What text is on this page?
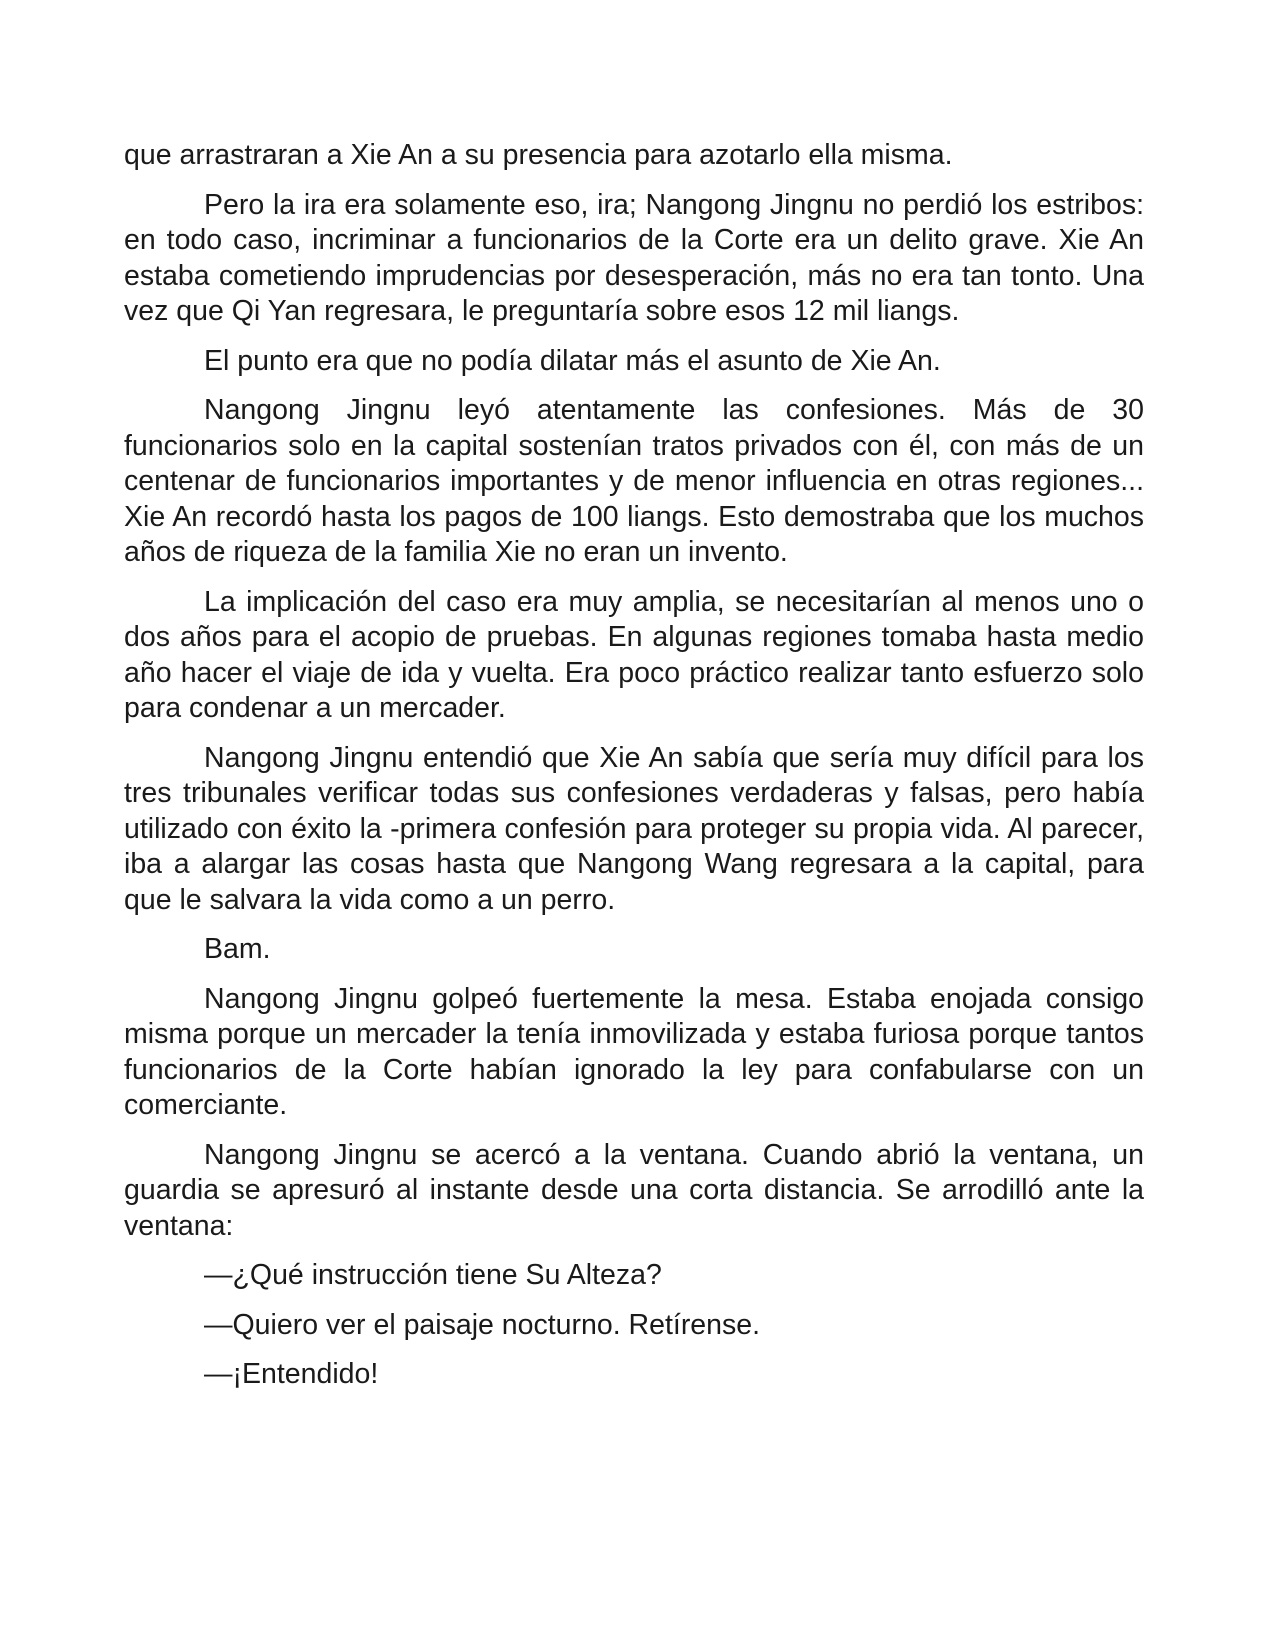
que arrastraran a Xie An a su presencia para azotarlo ella misma.

Pero la ira era solamente eso, ira; Nangong Jingnu no perdió los estribos: en todo caso, incriminar a funcionarios de la Corte era un delito grave. Xie An estaba cometiendo imprudencias por desesperación, más no era tan tonto. Una vez que Qi Yan regresara, le preguntaría sobre esos 12 mil liangs.

El punto era que no podía dilatar más el asunto de Xie An.

Nangong Jingnu leyó atentamente las confesiones. Más de 30 funcionarios solo en la capital sostenían tratos privados con él, con más de un centenar de funcionarios importantes y de menor influencia en otras regiones... Xie An recordó hasta los pagos de 100 liangs. Esto demostraba que los muchos años de riqueza de la familia Xie no eran un invento.

La implicación del caso era muy amplia, se necesitarían al menos uno o dos años para el acopio de pruebas. En algunas regiones tomaba hasta medio año hacer el viaje de ida y vuelta. Era poco práctico realizar tanto esfuerzo solo para condenar a un mercader.

Nangong Jingnu entendió que Xie An sabía que sería muy difícil para los tres tribunales verificar todas sus confesiones verdaderas y falsas, pero había utilizado con éxito la -primera confesión para proteger su propia vida. Al parecer, iba a alargar las cosas hasta que Nangong Wang regresara a la capital, para que le salvara la vida como a un perro.

Bam.

Nangong Jingnu golpeó fuertemente la mesa. Estaba enojada consigo misma porque un mercader la tenía inmovilizada y estaba furiosa porque tantos funcionarios de la Corte habían ignorado la ley para confabularse con un comerciante.

Nangong Jingnu se acercó a la ventana. Cuando abrió la ventana, un guardia se apresuró al instante desde una corta distancia. Se arrodilló ante la ventana:

—¿Qué instrucción tiene Su Alteza?

—Quiero ver el paisaje nocturno. Retírense.

—¡Entendido!
